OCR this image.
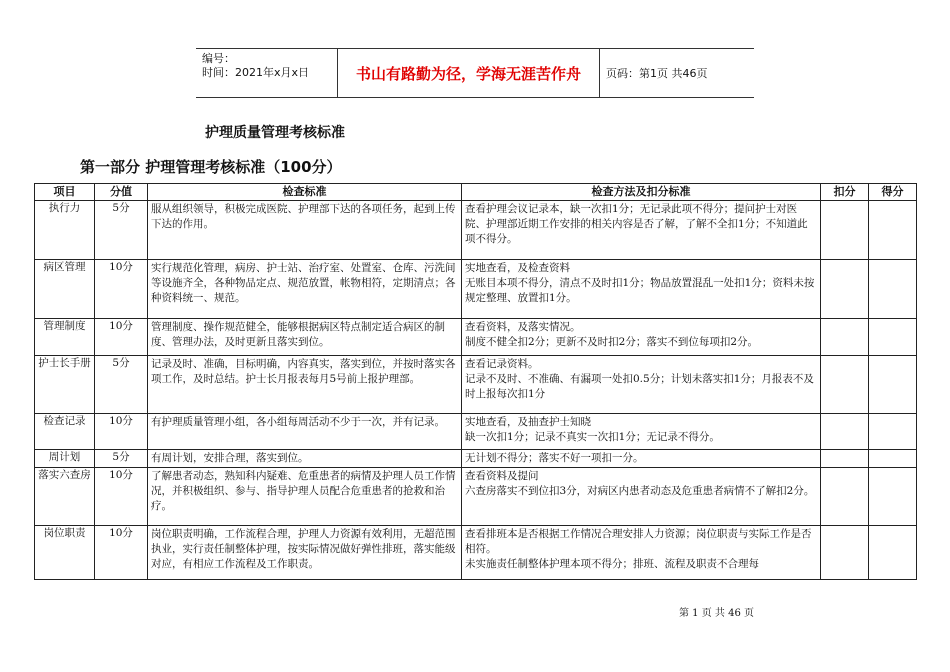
编号：
时间：2021年x月x日	书山有路勤为径，学海无涯苦作舟	页码：第1页 共46页
护理质量管理考核标准
第一部分 护理管理考核标准（100分）
项目	分值	检查标准	检查方法及扣分标准	扣分	得分
执行力	5分	服从组织领导，积极完成医院、护理部下达的各项任务，起到上传下达的作用。	查看护理会议记录本，缺一次扣1分；无记录此项不得分；提问护士对医院、护理部近期工作安排的相关内容是否了解，了解不全扣1分；不知道此项不得分。		
病区管理	10分	实行规范化管理，病房、护士站、治疗室、处置室、仓库、污洗间等设施齐全，各种物品定点、规范放置，帐物相符，定期清点；各种资料统一、规范。	实地查看，及检查资料
无账目本项不得分，清点不及时扣1分；物品放置混乱一处扣1分；资料未按规定整理、放置扣1分。		
管理制度	10分	管理制度、操作规范健全，能够根据病区特点制定适合病区的制度、管理办法，及时更新且落实到位。	查看资料，及落实情况。
制度不健全扣2分；更新不及时扣2分；落实不到位每项扣2分。		
护士长手册	5分	记录及时、准确，目标明确，内容真实，落实到位，并按时落实各项工作，及时总结。护士长月报表每月5号前上报护理部。	查看记录资料。
记录不及时、不准确、有漏项一处扣0.5分；计划未落实扣1分；月报表不及时上报每次扣1分		
检查记录	10分	有护理质量管理小组，各小组每周活动不少于一次，并有记录。	实地查看，及抽查护士知晓
缺一次扣1分；记录不真实一次扣1分；无记录不得分。		
周计划	5分	有周计划，安排合理，落实到位。	无计划不得分；落实不好一项扣一分。		
落实六查房	10分	了解患者动态，熟知科内疑难、危重患者的病情及护理人员工作情况，并积极组织、参与、指导护理人员配合危重患者的抢救和治疗。	查看资料及提问
六查房落实不到位扣3分，对病区内患者动态及危重患者病情不了解扣2分。		
岗位职责	10分	岗位职责明确，工作流程合理，护理人力资源有效利用，无超范围执业，实行责任制整体护理，按实际情况做好弹性排班，落实能级对应，有相应工作流程及工作职责。	查看排班本是否根据工作情况合理安排人力资源；岗位职责与实际工作是否相符。
未实施责任制整体护理本项不得分；排班、流程及职责不合理每		
第 1 页 共 46 页
